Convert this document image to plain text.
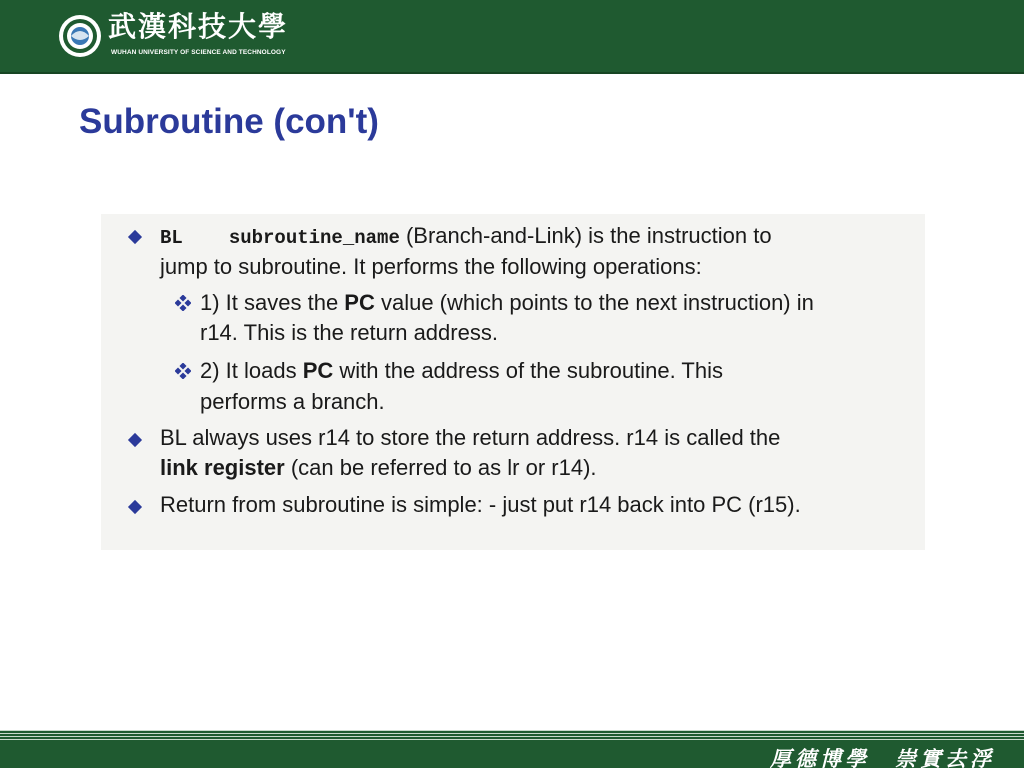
武漢科技大學
WUHAN UNIVERSITY OF SCIENCE AND TECHNOLOGY
Subroutine (con't)
BL subroutine_name (Branch-and-Link) is the instruction to
jump to subroutine. It performs the following operations:
1) It saves the PC value (which points to the next instruction) in
r14. This is the return address.
2) It loads PC with the address of the subroutine. This
performs a branch.
BL always uses r14 to store the return address. r14 is called the
link register (can be referred to as lr or r14).
Return from subroutine is simple: - just put r14 back into PC (r15).
厚德博學　崇實去浮
